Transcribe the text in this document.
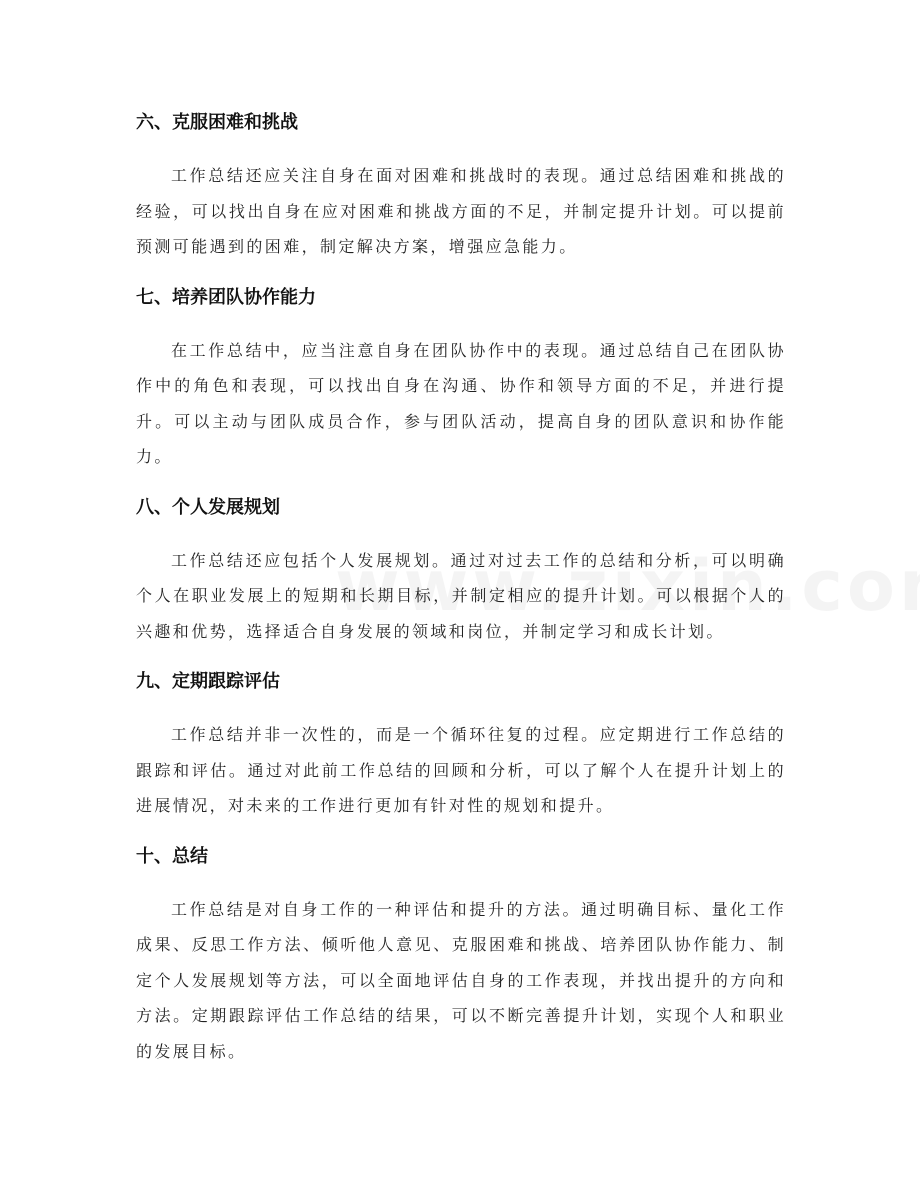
六、克服困难和挑战

工作总结还应关注自身在面对困难和挑战时的表现。通过总结困难和挑战的经验，可以找出自身在应对困难和挑战方面的不足，并制定提升计划。可以提前预测可能遇到的困难，制定解决方案，增强应急能力。

七、培养团队协作能力

在工作总结中，应当注意自身在团队协作中的表现。通过总结自己在团队协作中的角色和表现，可以找出自身在沟通、协作和领导方面的不足，并进行提升。可以主动与团队成员合作，参与团队活动，提高自身的团队意识和协作能力。

八、个人发展规划

工作总结还应包括个人发展规划。通过对过去工作的总结和分析，可以明确个人在职业发展上的短期和长期目标，并制定相应的提升计划。可以根据个人的兴趣和优势，选择适合自身发展的领域和岗位，并制定学习和成长计划。

九、定期跟踪评估

工作总结并非一次性的，而是一个循环往复的过程。应定期进行工作总结的跟踪和评估。通过对此前工作总结的回顾和分析，可以了解个人在提升计划上的进展情况，对未来的工作进行更加有针对性的规划和提升。

十、总结

工作总结是对自身工作的一种评估和提升的方法。通过明确目标、量化工作成果、反思工作方法、倾听他人意见、克服困难和挑战、培养团队协作能力、制定个人发展规划等方法，可以全面地评估自身的工作表现，并找出提升的方向和方法。定期跟踪评估工作总结的结果，可以不断完善提升计划，实现个人和职业的发展目标。
